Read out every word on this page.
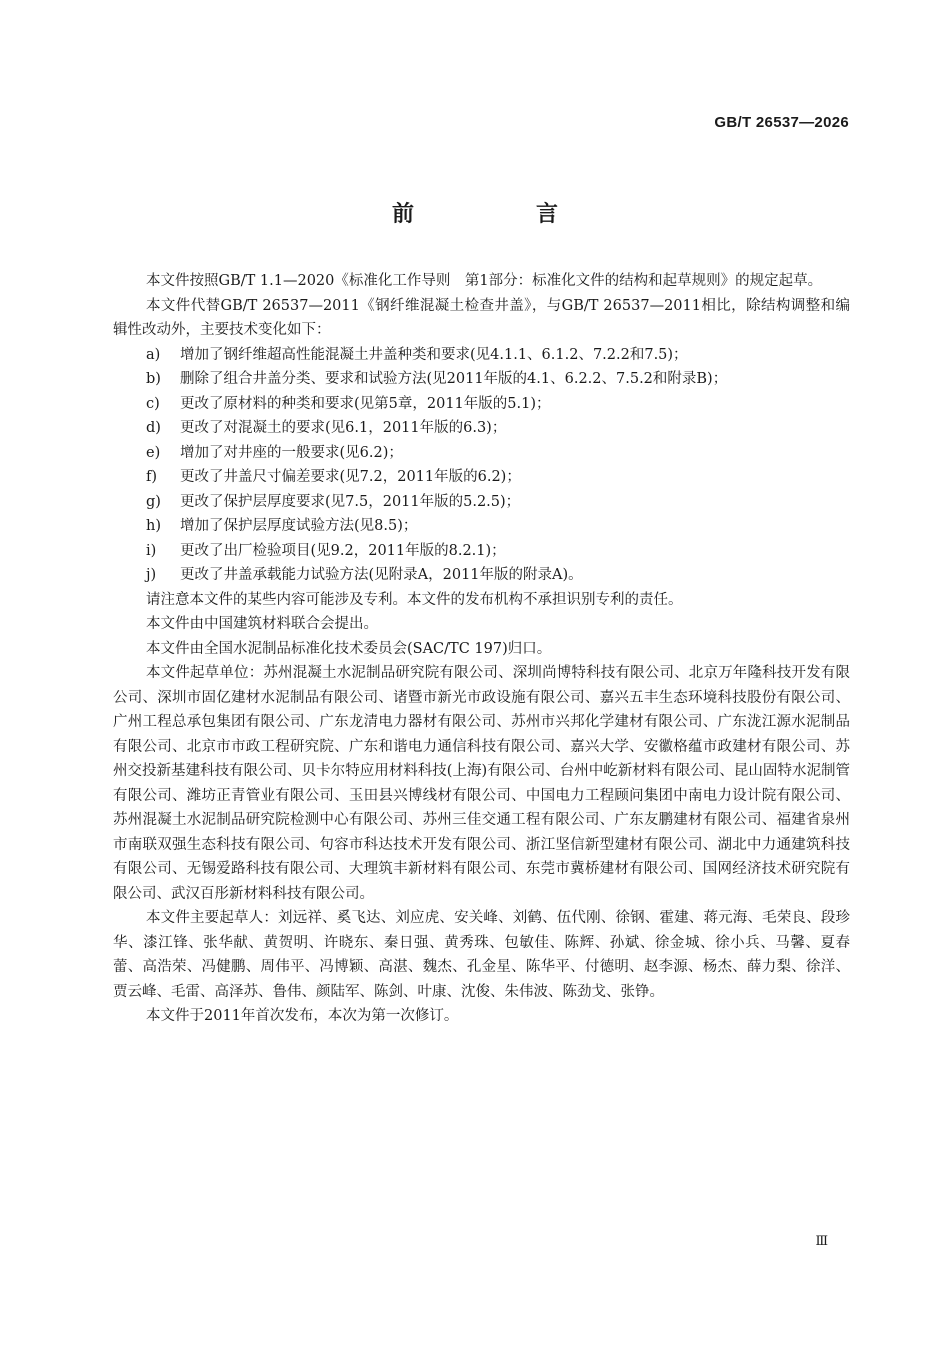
GB/T 26537—2026
前　言

本文件按照GB/T 1.1—2020《标准化工作导则　第1部分：标准化文件的结构和起草规则》的规定起草。

本文件代替GB/T 26537—2011《钢纤维混凝土检查井盖》，与GB/T 26537—2011相比，除结构调整和编辑性改动外，主要技术变化如下：

a)	增加了钢纤维超高性能混凝土井盖种类和要求(见4.1.1、6.1.2、7.2.2和7.5)；
b)	删除了组合井盖分类、要求和试验方法(见2011年版的4.1、6.2.2、7.5.2和附录B)；
c)	更改了原材料的种类和要求(见第5章，2011年版的5.1)；
d)	更改了对混凝土的要求(见6.1，2011年版的6.3)；
e)	增加了对井座的一般要求(见6.2)；
f)	更改了井盖尺寸偏差要求(见7.2，2011年版的6.2)；
g)	更改了保护层厚度要求(见7.5，2011年版的5.2.5)；
h)	增加了保护层厚度试验方法(见8.5)；
i)	更改了出厂检验项目(见9.2，2011年版的8.2.1)；
j)	更改了井盖承载能力试验方法(见附录A，2011年版的附录A)。

请注意本文件的某些内容可能涉及专利。本文件的发布机构不承担识别专利的责任。

本文件由中国建筑材料联合会提出。

本文件由全国水泥制品标准化技术委员会(SAC/TC 197)归口。

本文件起草单位：苏州混凝土水泥制品研究院有限公司、深圳尚博特科技有限公司、北京万年隆科技开发有限公司、深圳市固亿建材水泥制品有限公司、诸暨市新光市政设施有限公司、嘉兴五丰生态环境科技股份有限公司、广州工程总承包集团有限公司、广东龙清电力器材有限公司、苏州市兴邦化学建材有限公司、广东泷江源水泥制品有限公司、北京市市政工程研究院、广东和谐电力通信科技有限公司、嘉兴大学、安徽格蕴市政建材有限公司、苏州交投新基建科技有限公司、贝卡尔特应用材料科技(上海)有限公司、台州中屹新材料有限公司、昆山固特水泥制管有限公司、潍坊正青管业有限公司、玉田县兴博线材有限公司、中国电力工程顾问集团中南电力设计院有限公司、苏州混凝土水泥制品研究院检测中心有限公司、苏州三佳交通工程有限公司、广东友鹏建材有限公司、福建省泉州市南联双强生态科技有限公司、句容市科达技术开发有限公司、浙江坚信新型建材有限公司、湖北中力通建筑科技有限公司、无锡爱路科技有限公司、大理筑丰新材料有限公司、东莞市冀桥建材有限公司、国网经济技术研究院有限公司、武汉百彤新材料科技有限公司。

本文件主要起草人：刘远祥、奚飞达、刘应虎、安关峰、刘鹤、伍代刚、徐钢、霍建、蒋元海、毛荣良、段珍华、漆江锋、张华献、黄贺明、许晓东、秦日强、黄秀珠、包敏佳、陈辉、孙斌、徐金城、徐小兵、马馨、夏春蕾、高浩荣、冯健鹏、周伟平、冯博颖、高湛、魏杰、孔金星、陈华平、付德明、赵李源、杨杰、薛力梨、徐洋、贾云峰、毛雷、高泽苏、鲁伟、颜陆军、陈剑、叶康、沈俊、朱伟波、陈劲戈、张铮。

本文件于2011年首次发布，本次为第一次修订。

Ⅲ
